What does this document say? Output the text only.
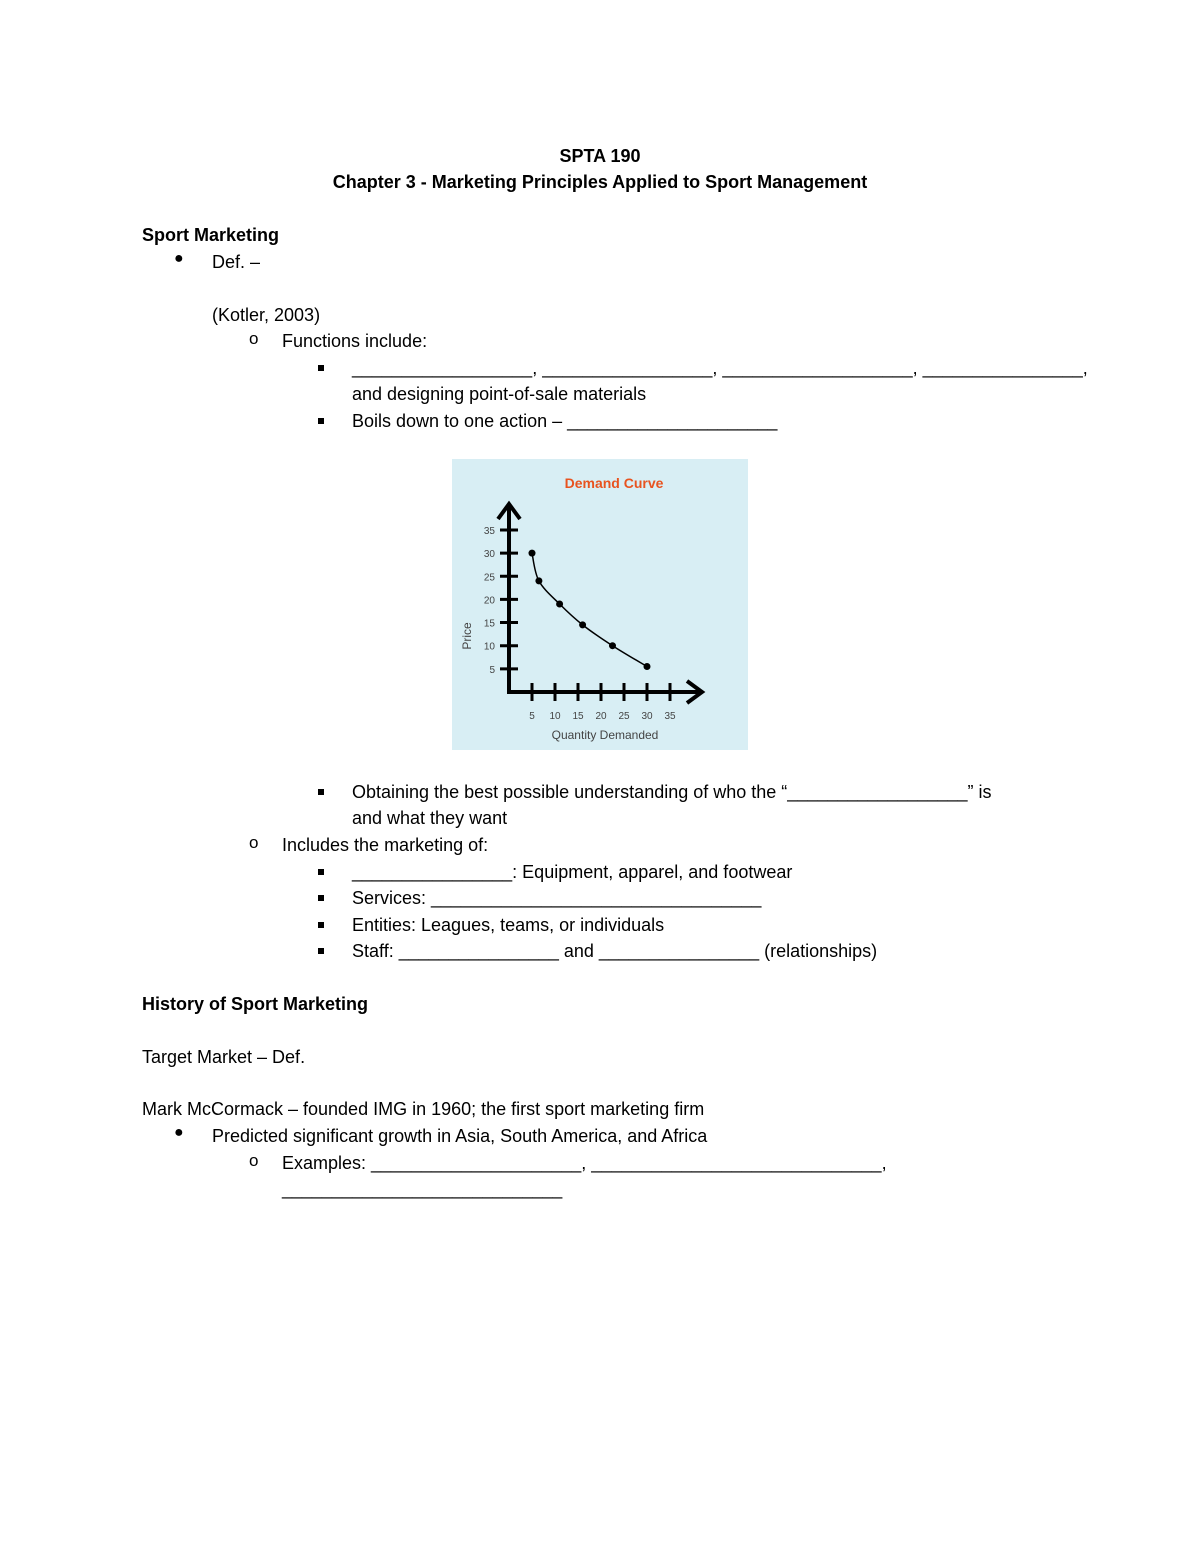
SPTA 190
Chapter 3 - Marketing Principles Applied to Sport Management
Sport Marketing
● Def. –
(Kotler, 2003)
o Functions include:
__________________, _________________, ___________________, ________________,
and designing point-of-sale materials
Boils down to one action – _____________________
Demand Curve
5
10
15
20
25
30
35
5 10 15 20 25 30 35
Price
Quantity Demanded
Obtaining the best possible understanding of who the “__________________” is
and what they want
o Includes the marketing of:
________________: Equipment, apparel, and footwear
Services: _________________________________
Entities: Leagues, teams, or individuals
Staff: ________________ and ________________ (relationships)
History of Sport Marketing
Target Market – Def.
Mark McCormack – founded IMG in 1960; the first sport marketing firm
● Predicted significant growth in Asia, South America, and Africa
o Examples: _____________________, _____________________________,
____________________________
